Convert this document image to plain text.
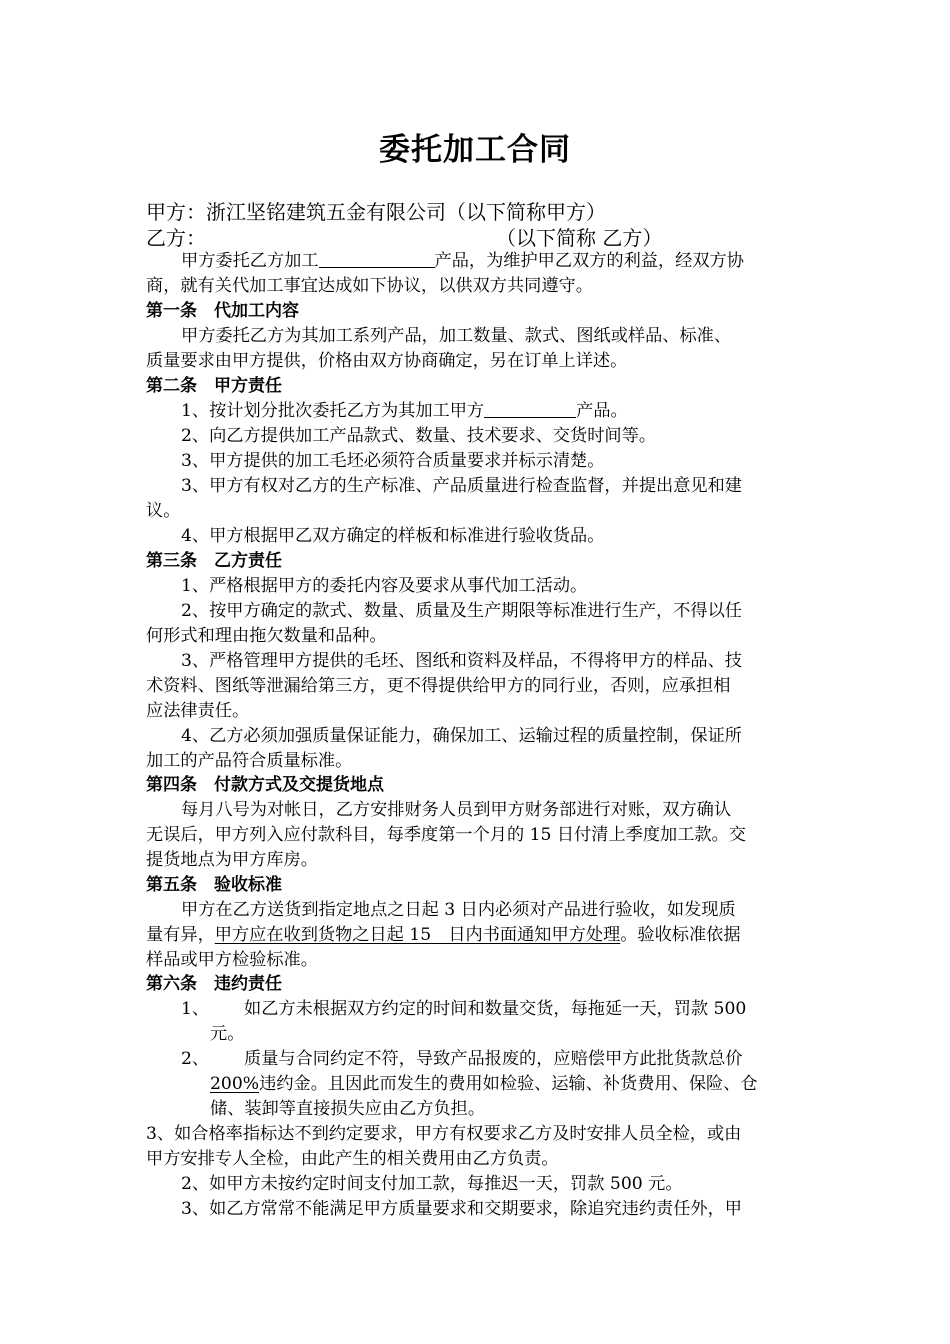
委托加工合同
甲方：浙江坚铭建筑五金有限公司（以下简称甲方）
乙方：	（以下简称 乙方）
甲方委托乙方加工	产品，为维护甲乙双方的利益，经双方协
商，就有关代加工事宜达成如下协议，以供双方共同遵守。
第一条　代加工内容
甲方委托乙方为其加工系列产品，加工数量、款式、图纸或样品、标准、
质量要求由甲方提供，价格由双方协商确定，另在订单上详述。
第二条　甲方责任
1、按计划分批次委托乙方为其加工甲方	产品。
2、向乙方提供加工产品款式、数量、技术要求、交货时间等。
3、甲方提供的加工毛坯必须符合质量要求并标示清楚。
3、甲方有权对乙方的生产标准、产品质量进行检查监督，并提出意见和建
议。
4、甲方根据甲乙双方确定的样板和标准进行验收货品。
第三条　乙方责任
1、严格根据甲方的委托内容及要求从事代加工活动。
2、按甲方确定的款式、数量、质量及生产期限等标准进行生产，不得以任
何形式和理由拖欠数量和品种。
3、严格管理甲方提供的毛坯、图纸和资料及样品，不得将甲方的样品、技
术资料、图纸等泄漏给第三方，更不得提供给甲方的同行业，否则，应承担相
应法律责任。
4、乙方必须加强质量保证能力，确保加工、运输过程的质量控制，保证所
加工的产品符合质量标准。
第四条　付款方式及交提货地点
每月八号为对帐日，乙方安排财务人员到甲方财务部进行对账，双方确认
无误后，甲方列入应付款科目，每季度第一个月的 15 日付清上季度加工款。交
提货地点为甲方库房。
第五条　验收标准
甲方在乙方送货到指定地点之日起 3 日内必须对产品进行验收，如发现质
量有异，甲方应在收到货物之日起 15　日内书面通知甲方处理。验收标准依据
样品或甲方检验标准。
第六条　违约责任
1、 如乙方未根据双方约定的时间和数量交货，每拖延一天，罚款 500
元。
2、 质量与合同约定不符，导致产品报废的，应赔偿甲方此批货款总价
200%违约金。且因此而发生的费用如检验、运输、补货费用、保险、仓
储、装卸等直接损失应由乙方负担。
3、如合格率指标达不到约定要求，甲方有权要求乙方及时安排人员全检，或由
甲方安排专人全检，由此产生的相关费用由乙方负责。
2、如甲方未按约定时间支付加工款，每推迟一天，罚款 500 元。
3、如乙方常常不能满足甲方质量要求和交期要求，除追究违约责任外，甲
